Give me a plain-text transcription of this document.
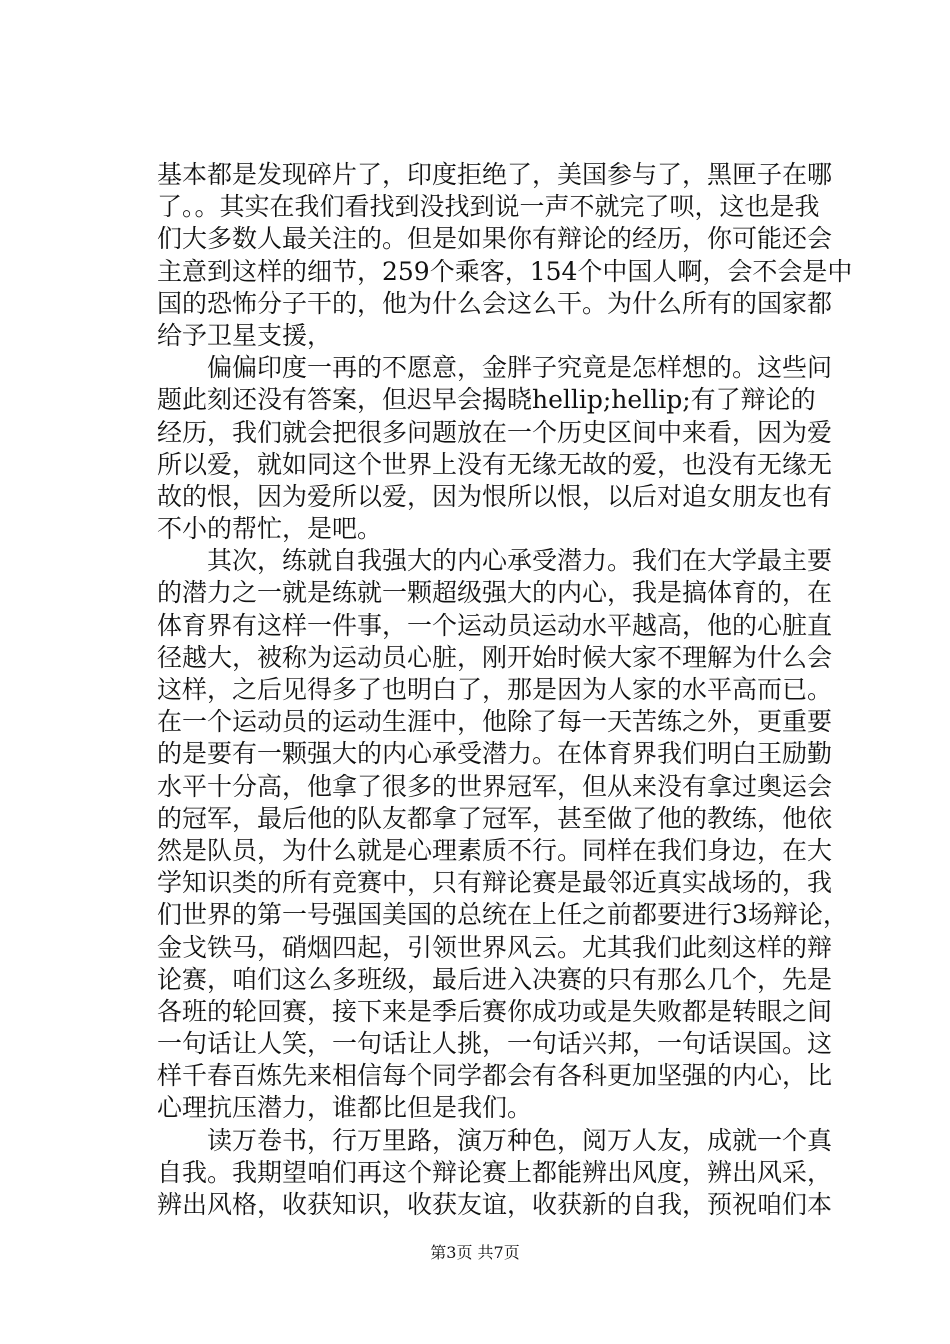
基本都是发现碎片了，印度拒绝了，美国参与了，黑匣子在哪
了。。其实在我们看找到没找到说一声不就完了呗，这也是我
们大多数人最关注的。但是如果你有辩论的经历，你可能还会
主意到这样的细节，259个乘客，154个中国人啊，会不会是中
国的恐怖分子干的，他为什么会这么干。为什么所有的国家都
给予卫星支援，
　　偏偏印度一再的不愿意，金胖子究竟是怎样想的。这些问
题此刻还没有答案，但迟早会揭晓hellip;hellip;有了辩论的
经历，我们就会把很多问题放在一个历史区间中来看，因为爱
所以爱，就如同这个世界上没有无缘无故的爱，也没有无缘无
故的恨，因为爱所以爱，因为恨所以恨，以后对追女朋友也有
不小的帮忙，是吧。
　　其次，练就自我强大的内心承受潜力。我们在大学最主要
的潜力之一就是练就一颗超级强大的内心，我是搞体育的，在
体育界有这样一件事，一个运动员运动水平越高，他的心脏直
径越大，被称为运动员心脏，刚开始时候大家不理解为什么会
这样，之后见得多了也明白了，那是因为人家的水平高而已。
在一个运动员的运动生涯中，他除了每一天苦练之外，更重要
的是要有一颗强大的内心承受潜力。在体育界我们明白王励勤
水平十分高，他拿了很多的世界冠军，但从来没有拿过奥运会
的冠军，最后他的队友都拿了冠军，甚至做了他的教练，他依
然是队员，为什么就是心理素质不行。同样在我们身边，在大
学知识类的所有竞赛中，只有辩论赛是最邻近真实战场的，我
们世界的第一号强国美国的总统在上任之前都要进行3场辩论，
金戈铁马，硝烟四起，引领世界风云。尤其我们此刻这样的辩
论赛，咱们这么多班级，最后进入决赛的只有那么几个，先是
各班的轮回赛，接下来是季后赛你成功或是失败都是转眼之间
一句话让人笑，一句话让人挑，一句话兴邦，一句话误国。这
样千春百炼先来相信每个同学都会有各科更加坚强的内心，比
心理抗压潜力，谁都比但是我们。
　　读万卷书，行万里路，演万种色，阅万人友，成就一个真
自我。我期望咱们再这个辩论赛上都能辨出风度，辨出风采，
辨出风格，收获知识，收获友谊，收获新的自我，预祝咱们本
第3页 共7页
